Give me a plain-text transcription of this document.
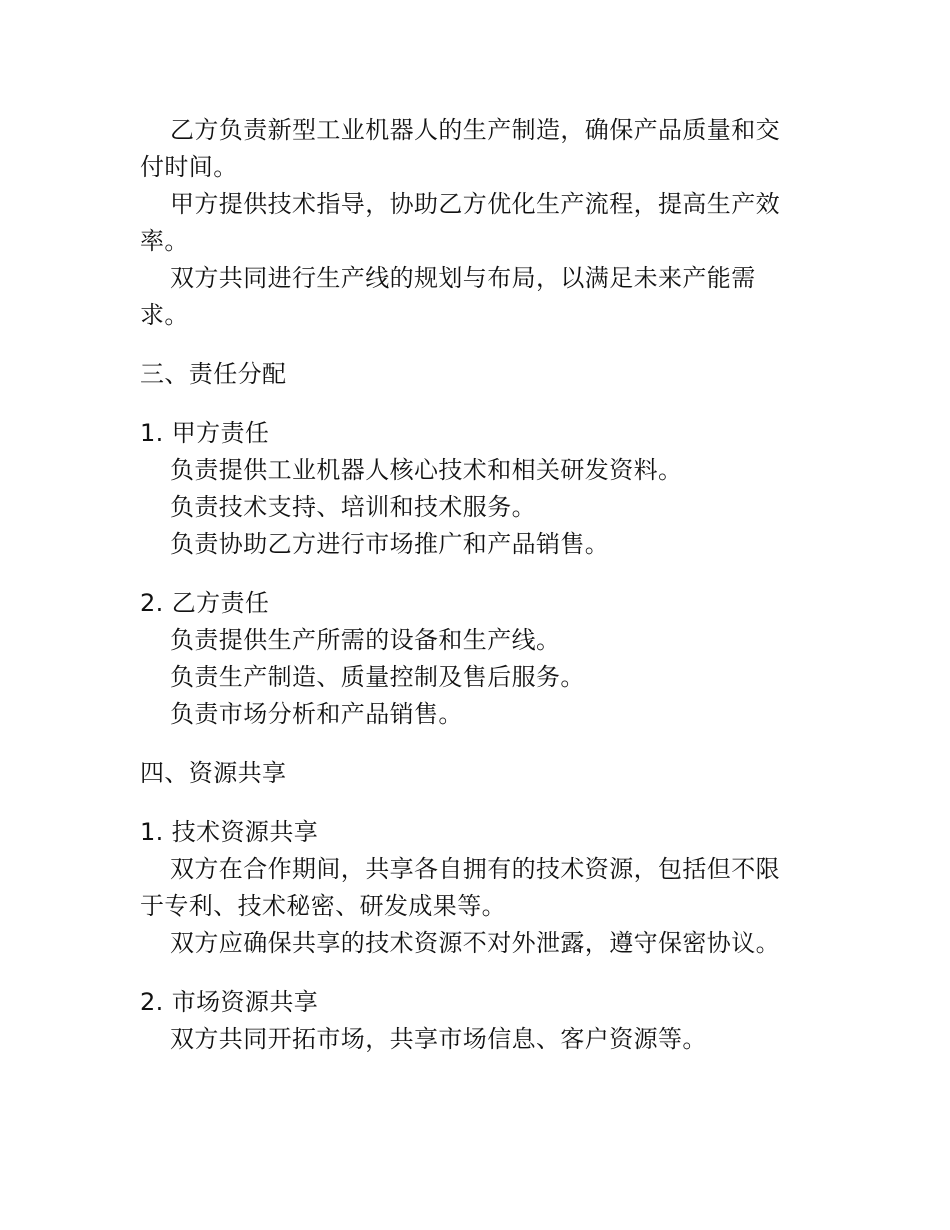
乙方负责新型工业机器人的生产制造，确保产品质量和交付时间。

甲方提供技术指导，协助乙方优化生产流程，提高生产效率。

双方共同进行生产线的规划与布局，以满足未来产能需求。

三、责任分配

1. 甲方责任

负责提供工业机器人核心技术和相关研发资料。

负责技术支持、培训和技术服务。

负责协助乙方进行市场推广和产品销售。

2. 乙方责任

负责提供生产所需的设备和生产线。

负责生产制造、质量控制及售后服务。

负责市场分析和产品销售。

四、资源共享

1. 技术资源共享

双方在合作期间，共享各自拥有的技术资源，包括但不限于专利、技术秘密、研发成果等。

双方应确保共享的技术资源不对外泄露，遵守保密协议。

2. 市场资源共享

双方共同开拓市场，共享市场信息、客户资源等。
